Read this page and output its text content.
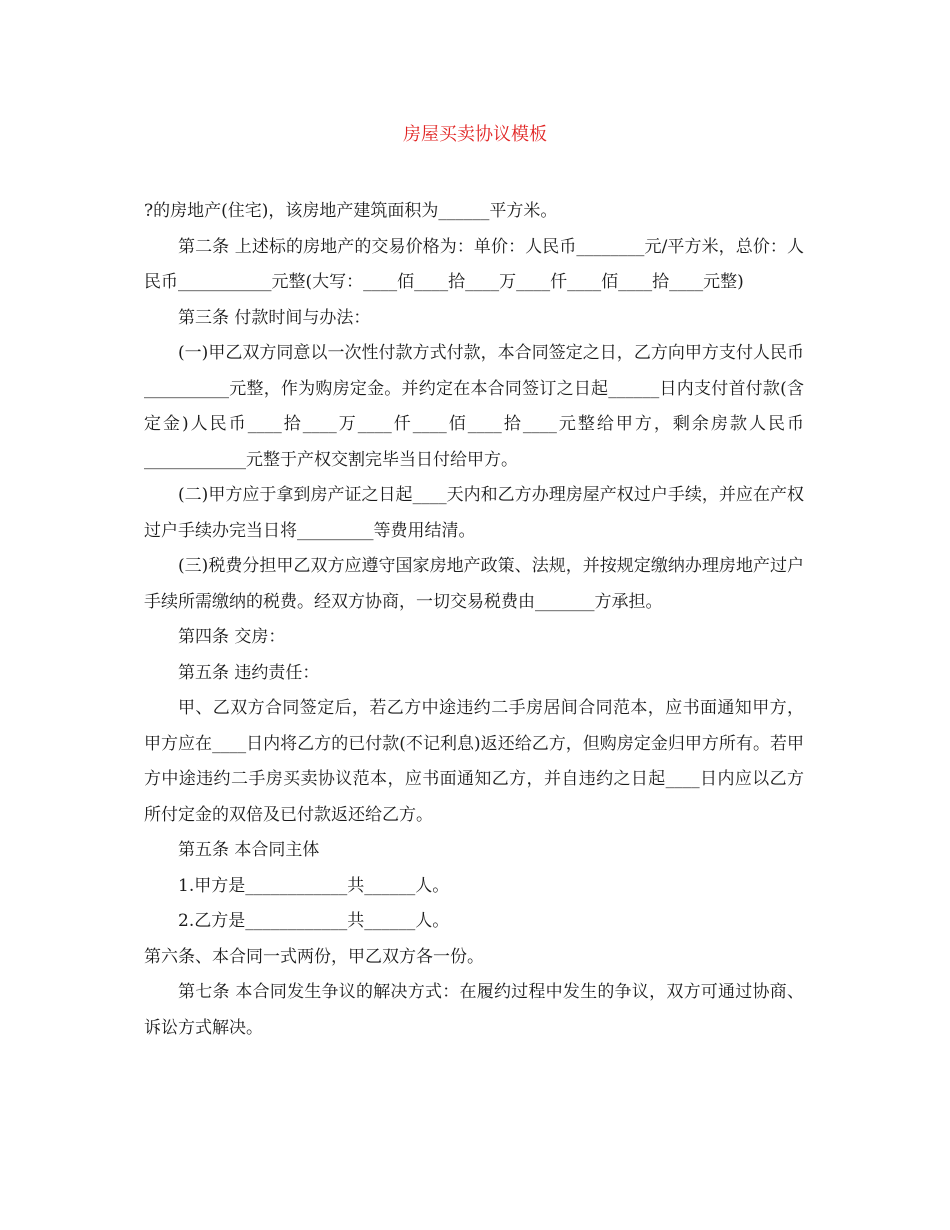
房屋买卖协议模板

?的房地产(住宅)，该房地产建筑面积为______平方米。

第二条 上述标的房地产的交易价格为：单价：人民币________元/平方米，总价：人民币___________元整(大写：____佰____拾____万____仟____佰____拾____元整)

第三条 付款时间与办法：

(一)甲乙双方同意以一次性付款方式付款，本合同签定之日，乙方向甲方支付人民币__________元整，作为购房定金。并约定在本合同签订之日起______日内支付首付款(含定金)人民币____拾____万____仟____佰____拾____元整给甲方，剩余房款人民币____________元整于产权交割完毕当日付给甲方。

(二)甲方应于拿到房产证之日起____天内和乙方办理房屋产权过户手续，并应在产权过户手续办完当日将_________等费用结清。

(三)税费分担甲乙双方应遵守国家房地产政策、法规，并按规定缴纳办理房地产过户手续所需缴纳的税费。经双方协商，一切交易税费由_______方承担。

第四条 交房：

第五条 违约责任：

甲、乙双方合同签定后，若乙方中途违约二手房居间合同范本，应书面通知甲方，甲方应在____日内将乙方的已付款(不记利息)返还给乙方，但购房定金归甲方所有。若甲方中途违约二手房买卖协议范本，应书面通知乙方，并自违约之日起____日内应以乙方所付定金的双倍及已付款返还给乙方。

第五条 本合同主体

1.甲方是____________共______人。

2.乙方是____________共______人。

第六条、本合同一式两份，甲乙双方各一份。

第七条 本合同发生争议的解决方式：在履约过程中发生的争议，双方可通过协商、诉讼方式解决。
